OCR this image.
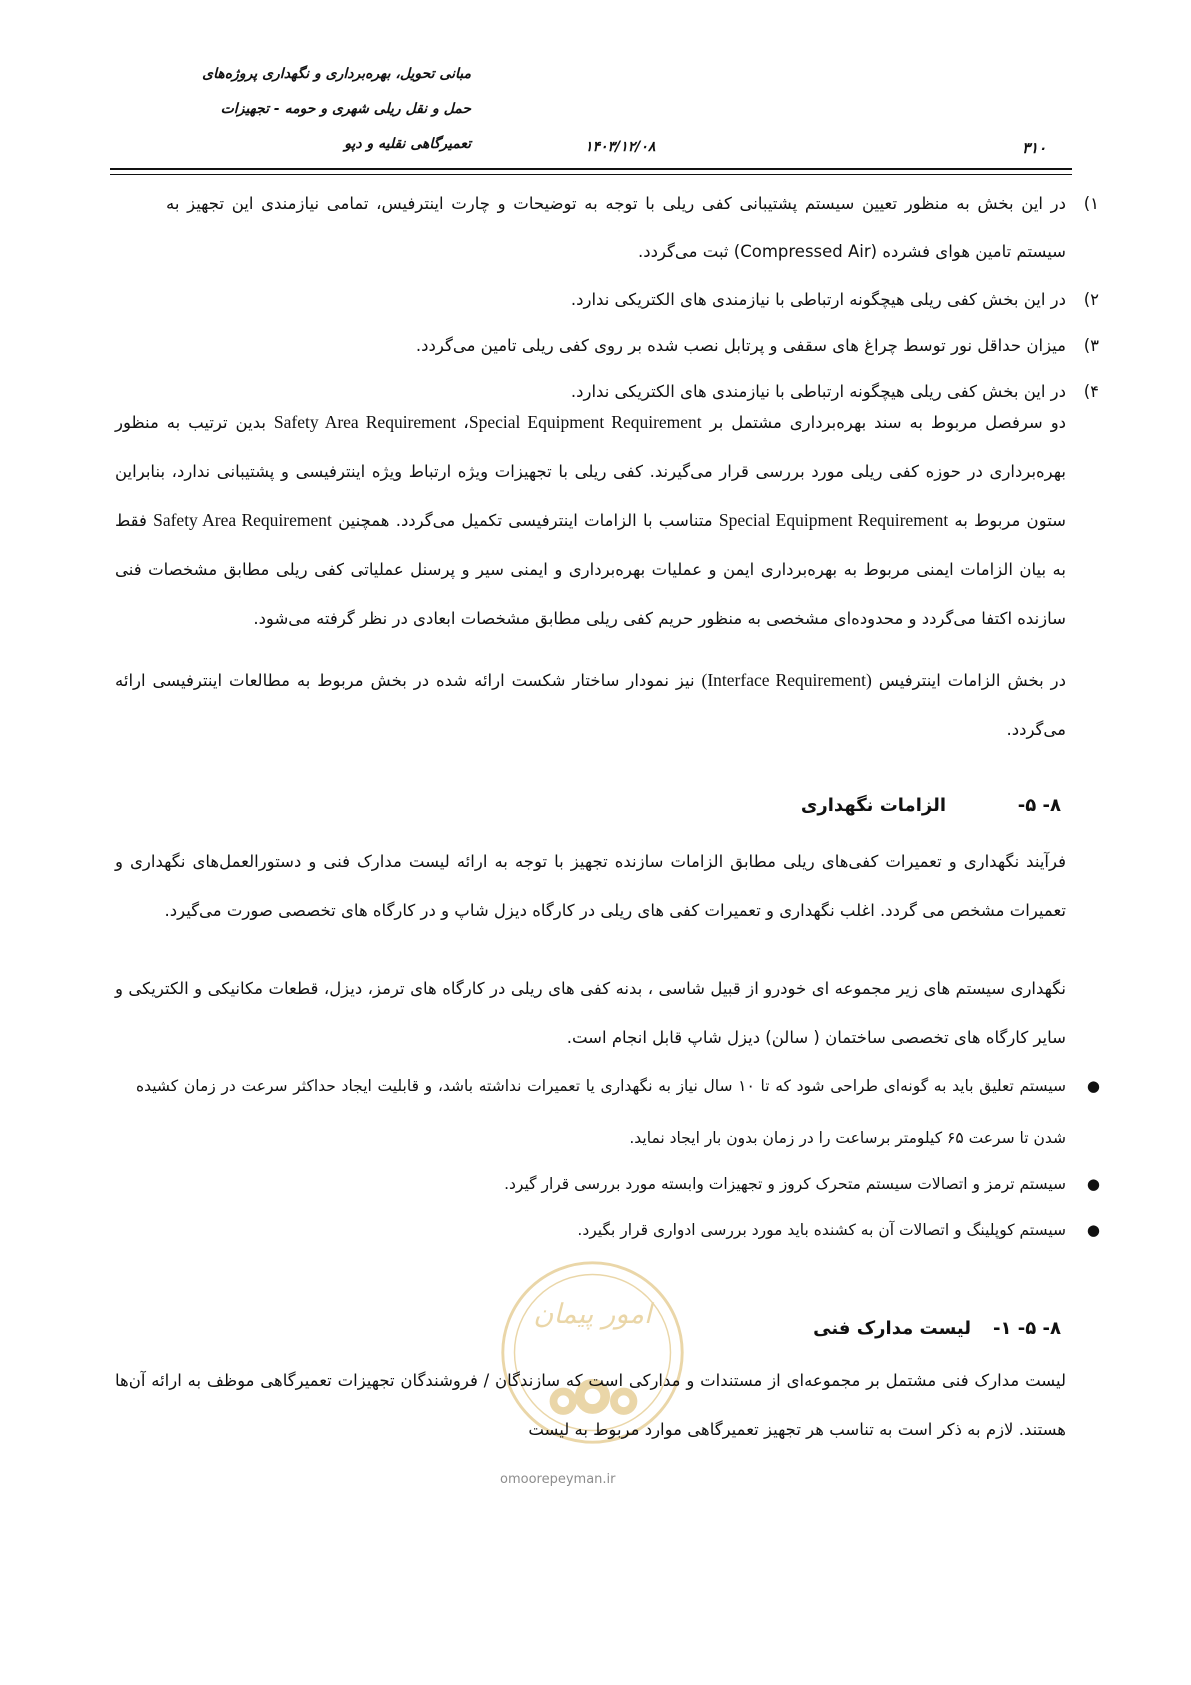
مبانی تحویل، بهره‌برداری و نگهداری پروژه‌های
حمل و نقل ریلی شهری و حومه - تجهیزات
تعمیرگاهی نقلیه و دپو	۱۴۰۳/۱۲/۰۸	۳۱۰
۱)
در این بخش به منظور تعیین سیستم پشتیبانی کفی ریلی با توجه به توضیحات و چارت اینترفیس، تمامی نیازمندی این تجهیز به سیستم تامین هوای فشرده (Compressed Air) ثبت می‌گردد.
۲)
در این بخش کفی ریلی هیچگونه ارتباطی با نیازمندی های الکتریکی ندارد.
۳)
میزان حداقل نور توسط چراغ های سقفی و پرتابل نصب شده بر روی کفی ریلی تامین می‌گردد.
۴)
در این بخش کفی ریلی هیچگونه ارتباطی با نیازمندی های الکتریکی ندارد.
دو سرفصل مربوط به سند بهره‌برداری مشتمل بر Safety Area Requirement ،Special Equipment Requirement بدین ترتیب به منظور بهره‌برداری در حوزه کفی ریلی مورد بررسی قرار می‌گیرند. کفی ریلی با تجهیزات ویژه ارتباط ویژه اینترفیسی و پشتیبانی ندارد، بنابراین ستون مربوط به Special Equipment Requirement متناسب با الزامات اینترفیسی تکمیل می‌گردد. همچنین Safety Area Requirement فقط به بیان الزامات ایمنی مربوط به بهره‌برداری ایمن و عملیات بهره‌برداری و ایمنی سیر و پرسنل عملیاتی کفی ریلی مطابق مشخصات فنی سازنده اکتفا می‌گردد و محدوده‌ای مشخصی به منظور حریم کفی ریلی مطابق مشخصات ابعادی در نظر گرفته می‌شود.
در بخش الزامات اینترفیس (Interface Requirement) نیز نمودار ساختار شکست ارائه شده در بخش مربوط به مطالعات اینترفیسی ارائه می‌گردد.
۸- ۵-
الزامات نگهداری
فرآیند نگهداری و تعمیرات کفی‌های ریلی مطابق الزامات سازنده تجهیز با توجه به ارائه لیست مدارک فنی و دستورالعمل‌های نگهداری و تعمیرات مشخص می گردد. اغلب نگهداری و تعمیرات کفی های ریلی در کارگاه دیزل شاپ و در کارگاه های تخصصی صورت می‌گیرد.
نگهداری سیستم های زیر مجموعه ای خودرو از قبیل شاسی ، بدنه کفی های ریلی در کارگاه های ترمز، دیزل، قطعات مکانیکی و الکتریکی و سایر کارگاه های تخصصی ساختمان ( سالن) دیزل شاپ قابل انجام است.
●
سیستم تعلیق باید به گونه‌ای طراحی شود که تا ۱۰ سال نیاز به نگهداری یا تعمیرات نداشته باشد، و قابلیت ایجاد حداکثر سرعت در زمان کشیده شدن تا سرعت ۶۵ کیلومتر برساعت را در زمان بدون بار ایجاد نماید.
●
سیستم ترمز و اتصالات سیستم متحرک کروز و تجهیزات وابسته مورد بررسی قرار گیرد.
●
سیستم کوپلینگ و اتصالات آن به کشنده باید مورد بررسی ادواری قرار بگیرد.
امور پیمان
omoorepeyman.ir
۸- ۵- ۱-
لیست مدارک فنی
لیست مدارک فنی مشتمل بر مجموعه‌ای از مستندات و مدارکی است که سازندگان / فروشندگان تجهیزات تعمیرگاهی موظف به ارائه آن‌ها هستند. لازم به ذکر است به تناسب هر تجهیز تعمیرگاهی موارد مربوط به لیست
